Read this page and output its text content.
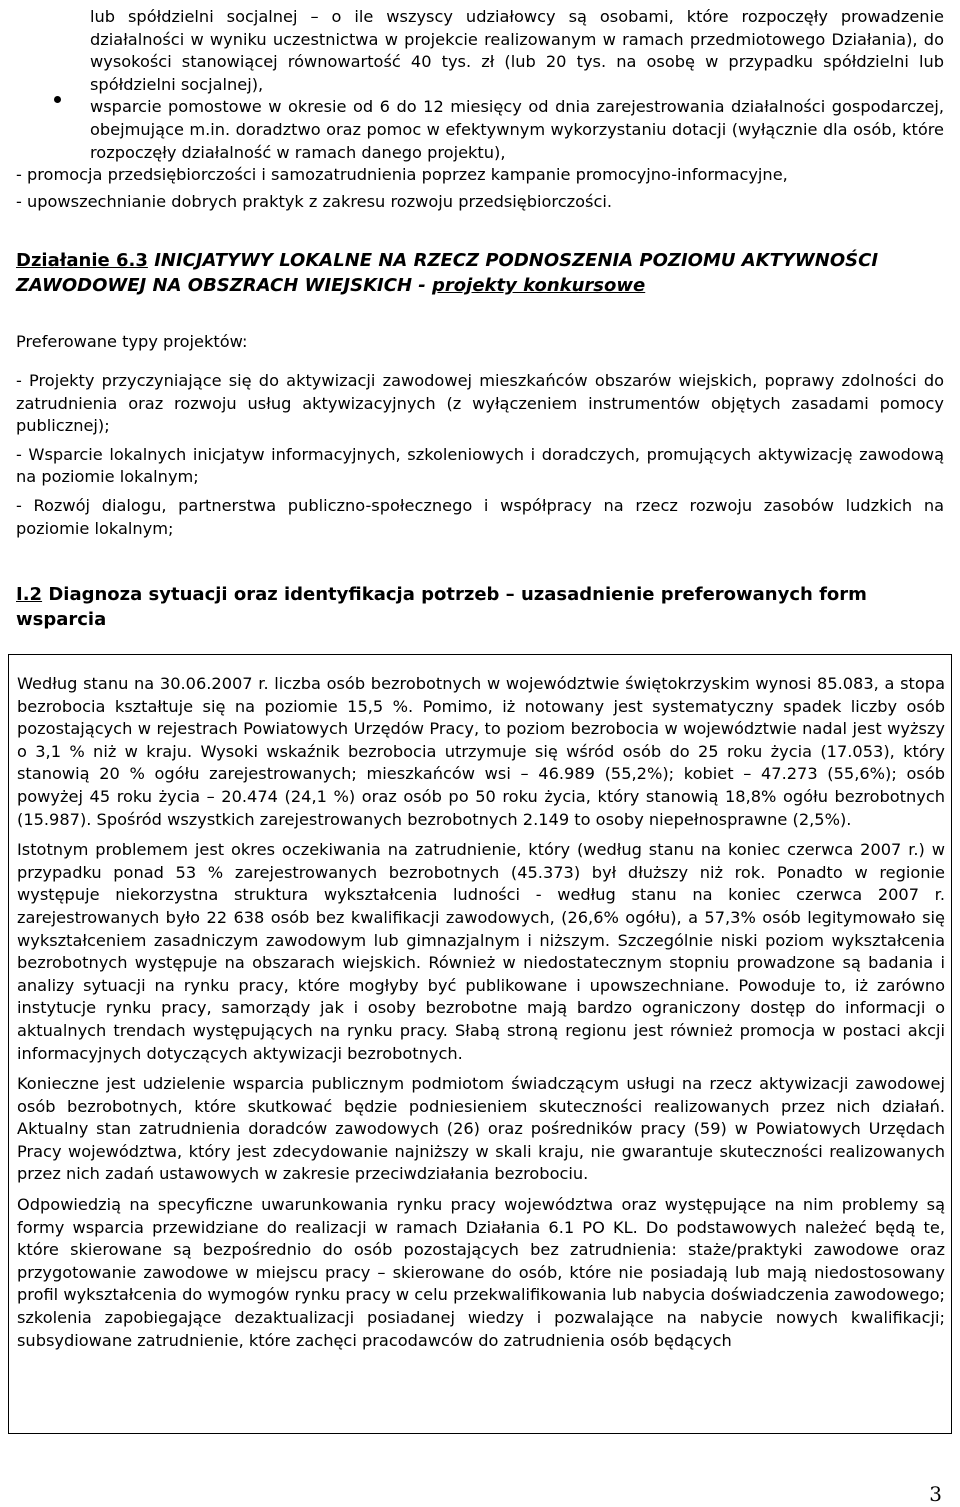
lub spółdzielni socjalnej – o ile wszyscy udziałowcy są osobami, które rozpoczęły prowadzenie działalności w wyniku uczestnictwa w projekcie realizowanym w ramach przedmiotowego Działania), do wysokości stanowiącej równowartość 40 tys. zł (lub 20 tys. na osobę w przypadku spółdzielni lub spółdzielni socjalnej),

wsparcie pomostowe w okresie od 6 do 12 miesięcy od dnia zarejestrowania działalności gospodarczej, obejmujące m.in. doradztwo oraz pomoc w efektywnym wykorzystaniu dotacji (wyłącznie dla osób, które rozpoczęły działalność w ramach danego projektu),

- promocja przedsiębiorczości i samozatrudnienia poprzez kampanie promocyjno-informacyjne,

- upowszechnianie dobrych praktyk z zakresu rozwoju przedsiębiorczości.

Działanie 6.3 INICJATYWY LOKALNE NA RZECZ PODNOSZENIA POZIOMU AKTYWNOŚCI ZAWODOWEJ NA OBSZRACH WIEJSKICH - projekty konkursowe
Preferowane typy projektów:

- Projekty przyczyniające się do aktywizacji zawodowej mieszkańców obszarów wiejskich, poprawy zdolności do zatrudnienia oraz rozwoju usług aktywizacyjnych (z wyłączeniem instrumentów objętych zasadami pomocy publicznej);

- Wsparcie lokalnych inicjatyw informacyjnych, szkoleniowych i doradczych, promujących aktywizację zawodową na poziomie lokalnym;

- Rozwój dialogu, partnerstwa publiczno-społecznego i współpracy na rzecz rozwoju zasobów ludzkich na poziomie lokalnym;

I.2 Diagnoza sytuacji oraz identyfikacja potrzeb – uzasadnienie preferowanych form wsparcia

Według stanu na 30.06.2007 r. liczba osób bezrobotnych w województwie świętokrzyskim wynosi 85.083, a stopa bezrobocia kształtuje się na poziomie 15,5 %. Pomimo, iż notowany jest systematyczny spadek liczby osób pozostających w rejestrach Powiatowych Urzędów Pracy, to poziom bezrobocia w województwie nadal jest wyższy o 3,1 % niż w kraju. Wysoki wskaźnik bezrobocia utrzymuje się wśród osób do 25 roku życia (17.053), który stanowią 20 % ogółu zarejestrowanych; mieszkańców wsi – 46.989 (55,2%); kobiet – 47.273 (55,6%); osób powyżej 45 roku życia – 20.474 (24,1 %) oraz osób po 50 roku życia, który stanowią 18,8% ogółu bezrobotnych (15.987). Spośród wszystkich zarejestrowanych bezrobotnych 2.149 to osoby niepełnosprawne (2,5%).

Istotnym problemem jest okres oczekiwania na zatrudnienie, który (według stanu na koniec czerwca 2007 r.) w przypadku ponad 53 % zarejestrowanych bezrobotnych (45.373) był dłuższy niż rok. Ponadto w regionie występuje niekorzystna struktura wykształcenia ludności - według stanu na koniec czerwca 2007 r. zarejestrowanych było 22 638 osób bez kwalifikacji zawodowych, (26,6% ogółu), a 57,3% osób legitymowało się wykształceniem zasadniczym zawodowym lub gimnazjalnym i niższym. Szczególnie niski poziom wykształcenia bezrobotnych występuje na obszarach wiejskich. Również w niedostatecznym stopniu prowadzone są badania i analizy sytuacji na rynku pracy, które mogłyby być publikowane i upowszechniane. Powoduje to, iż zarówno instytucje rynku pracy, samorządy jak i osoby bezrobotne mają bardzo ograniczony dostęp do informacji o aktualnych trendach występujących na rynku pracy. Słabą stroną regionu jest również promocja w postaci akcji informacyjnych dotyczących aktywizacji bezrobotnych.

Konieczne jest udzielenie wsparcia publicznym podmiotom świadczącym usługi na rzecz aktywizacji zawodowej osób bezrobotnych, które skutkować będzie podniesieniem skuteczności realizowanych przez nich działań. Aktualny stan zatrudnienia doradców zawodowych (26) oraz pośredników pracy (59) w Powiatowych Urzędach Pracy województwa, który jest zdecydowanie najniższy w skali kraju, nie gwarantuje skuteczności realizowanych przez nich zadań ustawowych w zakresie przeciwdziałania bezrobociu.

Odpowiedzią na specyficzne uwarunkowania rynku pracy województwa oraz występujące na nim problemy są formy wsparcia przewidziane do realizacji w ramach Działania 6.1 PO KL. Do podstawowych należeć będą te, które skierowane są bezpośrednio do osób pozostających bez zatrudnienia: staże/praktyki zawodowe oraz przygotowanie zawodowe w miejscu pracy – skierowane do osób, które nie posiadają lub mają niedostosowany profil wykształcenia do wymogów rynku pracy w celu przekwalifikowania lub nabycia doświadczenia zawodowego; szkolenia zapobiegające dezaktualizacji posiadanej wiedzy i pozwalające na nabycie nowych kwalifikacji; subsydiowane zatrudnienie, które zachęci pracodawców do zatrudnienia osób będących

3
